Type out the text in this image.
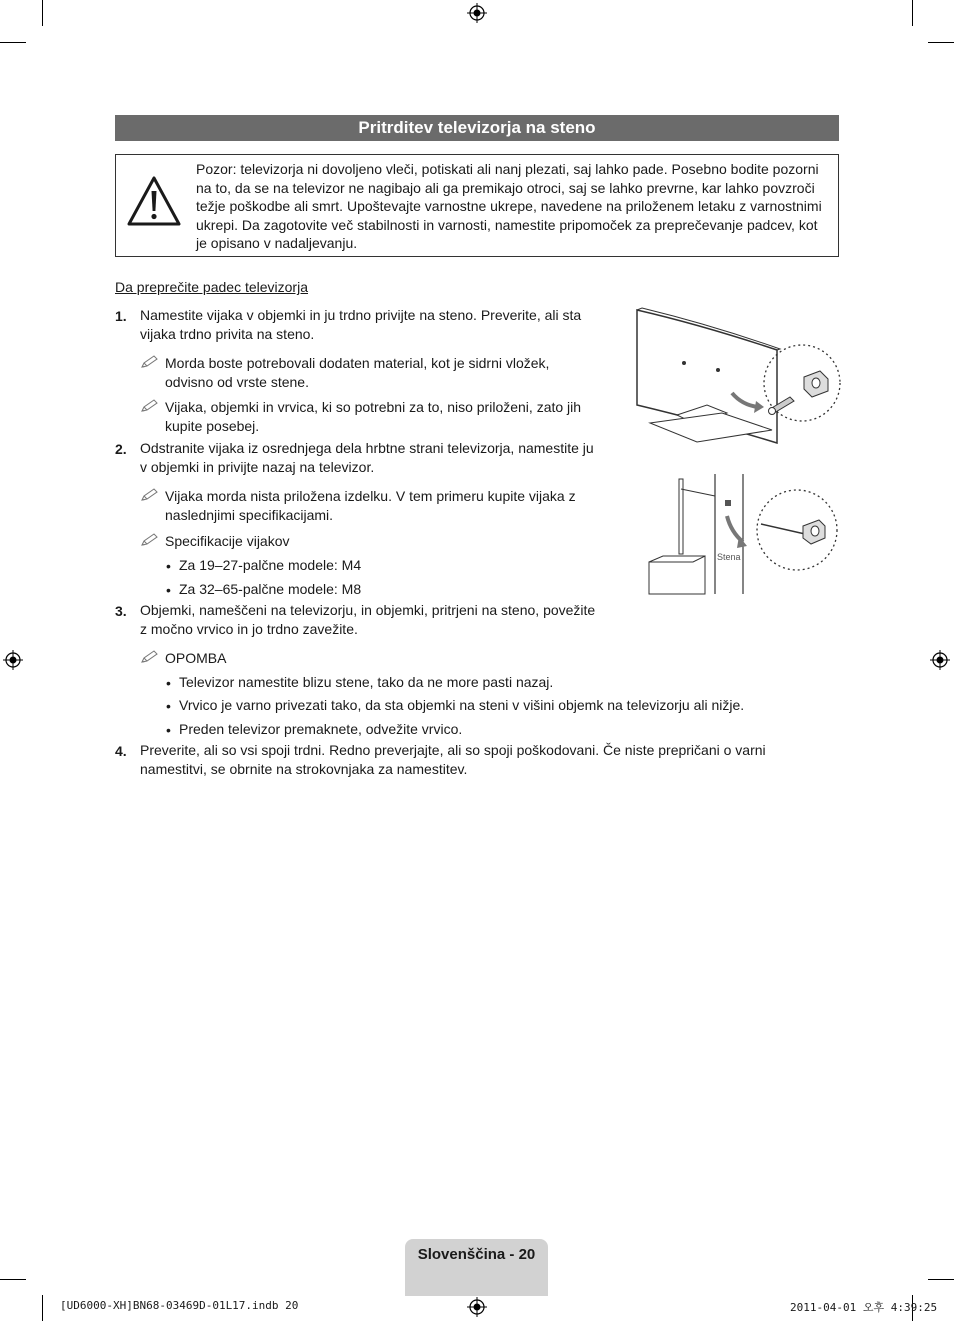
Pritrditev televizorja na steno
Pozor: televizorja ni dovoljeno vleči, potiskati ali nanj plezati, saj lahko pade. Posebno bodite pozorni na to, da se na televizor ne nagibajo ali ga premikajo otroci, saj se lahko prevrne, kar lahko povzroči težje poškodbe ali smrt. Upoštevajte varnostne ukrepe, navedene na priloženem letaku z varnostnimi ukrepi. Da zagotovite več stabilnosti in varnosti, namestite pripomoček za preprečevanje padcev, kot je opisano v nadaljevanju.
Da preprečite padec televizorja
1. Namestite vijaka v objemki in ju trdno privijte na steno. Preverite, ali sta
vijaka trdno privita na steno.
Morda boste potrebovali dodaten material, kot je sidrni vložek,
odvisno od vrste stene.
Vijaka, objemki in vrvica, ki so potrebni za to, niso priloženi, zato jih
kupite posebej.
2. Odstranite vijaka iz osrednjega dela hrbtne strani televizorja, namestite ju
v objemki in privijte nazaj na televizor.
Vijaka morda nista priložena izdelku. V tem primeru kupite vijaka z
naslednjimi specifikacijami.
Specifikacije vijakov
• Za 19–27-palčne modele: M4
• Za 32–65-palčne modele: M8
3. Objemki, nameščeni na televizorju, in objemki, pritrjeni na steno, povežite
z močno vrvico in jo trdno zavežite.
OPOMBA
• Televizor namestite blizu stene, tako da ne more pasti nazaj.
• Vrvico je varno privezati tako, da sta objemki na steni v višini objemk na televizorju ali nižje.
• Preden televizor premaknete, odvežite vrvico.
4. Preverite, ali so vsi spoji trdni. Redno preverjajte, ali so spoji poškodovani. Če niste prepričani o varni
namestitvi, se obrnite na strokovnjaka za namestitev.
Stena
Slovenščina - 20
[UD6000-XH]BN68-03469D-01L17.indb 20	2011-04-01 오후 4:39:25
